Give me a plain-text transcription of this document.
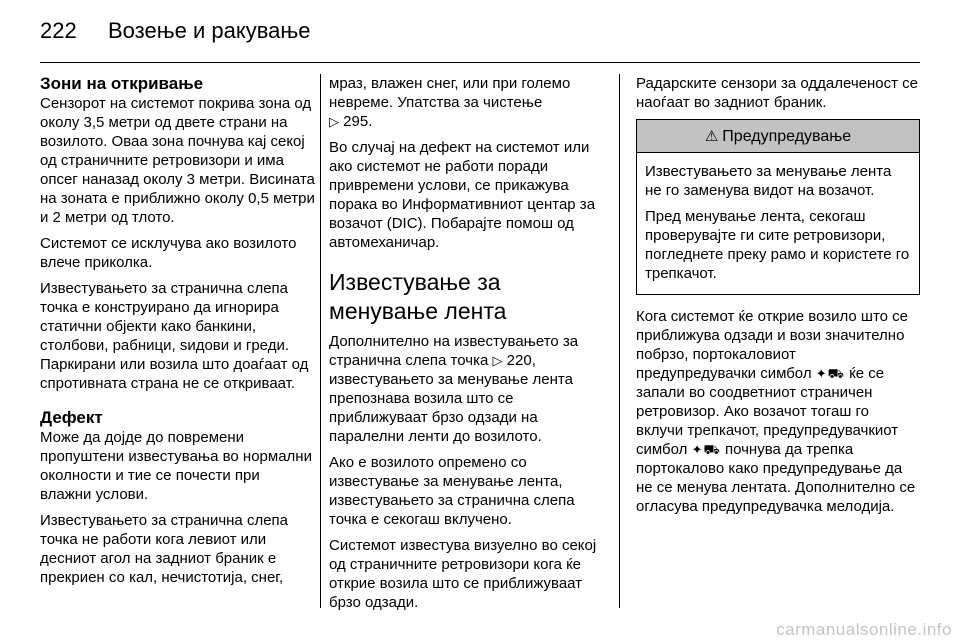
222	Возење и ракување
Зони на откривање

Сензорот на системот покрива зона од околу 3,5 метри од двете страни на возилото. Оваа зона почнува кај секој од страничните ретровизори и има опсег наназад околу 3 метри. Висината на зоната е приближно околу 0,5 метри и 2 метри од тлото.

Системот се исклучува ако возилото влече приколка.

Известувањето за странична слепа точка е конструирано да игнорира статични објекти како банкини, столбови, рабници, ѕидови и греди. Паркирани или возила што доаѓаат од спротивната страна не се откриваат.

Дефект

Може да дојде до повремени пропуштени известувања во нормални околности и тие се почести при влажни услови.

Известувањето за странична слепа точка не работи кога левиот или десниот агол на задниот браник е прекриен со кал, нечистотија, снег,

мраз, влажен снег, или при големо невреме. Упатства за чистење
▷ 295.

Во случај на дефект на системот или ако системот не работи поради привремени услови, се прикажува порака во Информативниот центар за возачот (DIC). Побарајте помош од автомеханичар.

Известување за менување лента

Дополнително на известувањето за странична слепа точка ▷ 220, известувањето за менување лента препознава возила што се приближуваат брзо одзади на паралелни ленти до возилото.

Ако е возилото опремено со известување за менување лента, известувањето за странична слепа точка е секогаш вклучено.

Системот известува визуелно во секој од страничните ретровизори кога ќе открие возила што се приближуваат брзо одзади.

Радарските сензори за оддалеченост се наоѓаат во задниот браник.

⚠ Предупредување

Известувањето за менување лента не го заменува видот на возачот.

Пред менување лента, секогаш проверувајте ги сите ретровизори, погледнете преку рамо и користете го трепкачот.

Кога системот ќе открие возило што се приближува одзади и вози значително побрзо, портокаловиот предупредувачки симбол ✦⛟ ќе се запали во соодветниот страничен ретровизор. Ако возачот тогаш го вклучи трепкачот, предупредувачкиот симбол ✦⛟ почнува да трепка портокалово како предупредување да не се менува лентата. Дополнително се огласува предупредувачка мелодија.

carmanualsonline.info
